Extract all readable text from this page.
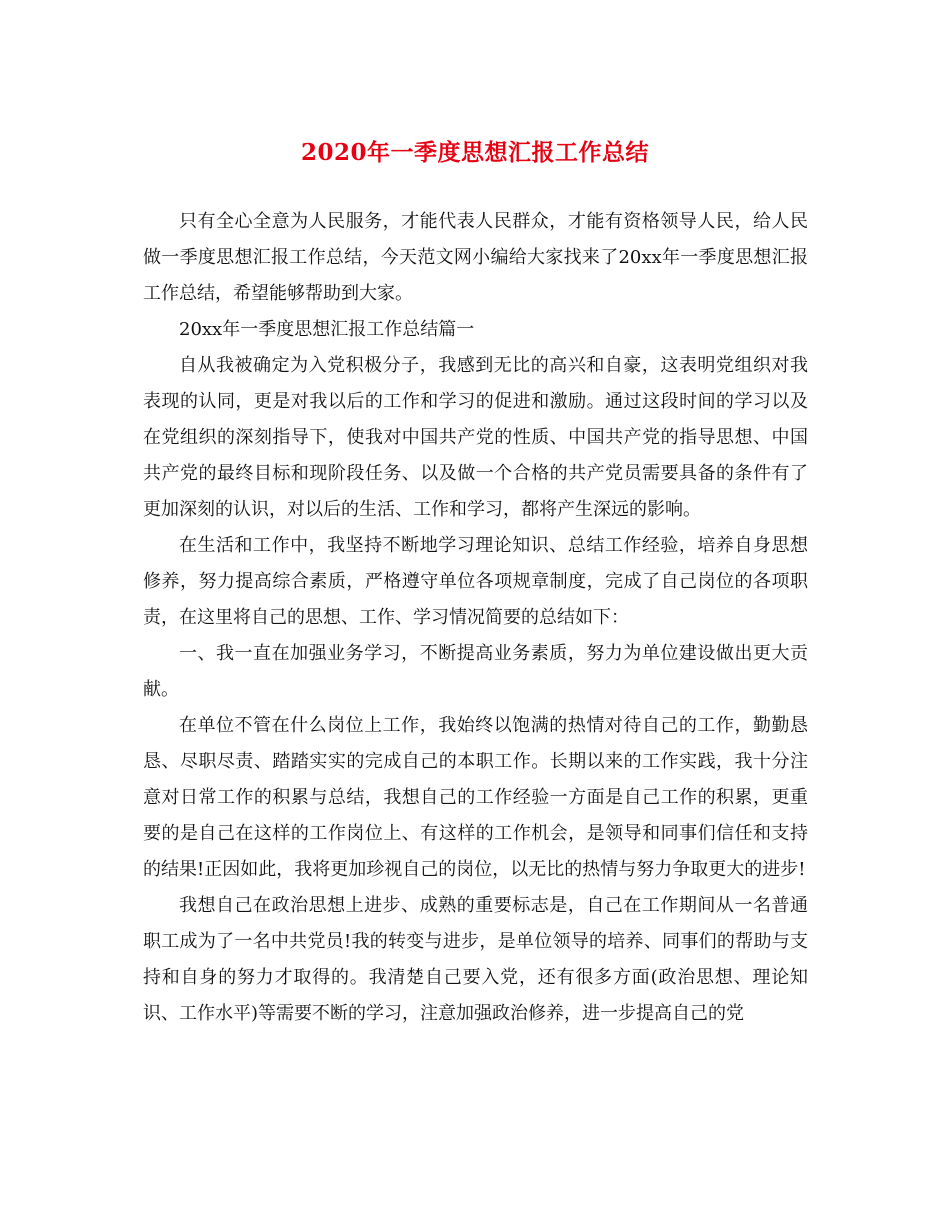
2020年一季度思想汇报工作总结

只有全心全意为人民服务，才能代表人民群众，才能有资格领导人民，给人民做一季度思想汇报工作总结，今天范文网小编给大家找来了20xx年一季度思想汇报工作总结，希望能够帮助到大家。

20xx年一季度思想汇报工作总结篇一

自从我被确定为入党积极分子，我感到无比的高兴和自豪，这表明党组织对我表现的认同，更是对我以后的工作和学习的促进和激励。通过这段时间的学习以及在党组织的深刻指导下，使我对中国共产党的性质、中国共产党的指导思想、中国共产党的最终目标和现阶段任务、以及做一个合格的共产党员需要具备的条件有了更加深刻的认识，对以后的生活、工作和学习，都将产生深远的影响。

在生活和工作中，我坚持不断地学习理论知识、总结工作经验，培养自身思想修养，努力提高综合素质，严格遵守单位各项规章制度，完成了自己岗位的各项职责，在这里将自己的思想、工作、学习情况简要的总结如下：

一、我一直在加强业务学习，不断提高业务素质，努力为单位建设做出更大贡献。

在单位不管在什么岗位上工作，我始终以饱满的热情对待自己的工作，勤勤恳恳、尽职尽责、踏踏实实的完成自己的本职工作。长期以来的工作实践，我十分注意对日常工作的积累与总结，我想自己的工作经验一方面是自己工作的积累，更重要的是自己在这样的工作岗位上、有这样的工作机会，是领导和同事们信任和支持的结果!正因如此，我将更加珍视自己的岗位，以无比的热情与努力争取更大的进步!

我想自己在政治思想上进步、成熟的重要标志是，自己在工作期间从一名普通职工成为了一名中共党员!我的转变与进步，是单位领导的培养、同事们的帮助与支持和自身的努力才取得的。我清楚自己要入党，还有很多方面(政治思想、理论知识、工作水平)等需要不断的学习，注意加强政治修养，进一步提高自己的党
